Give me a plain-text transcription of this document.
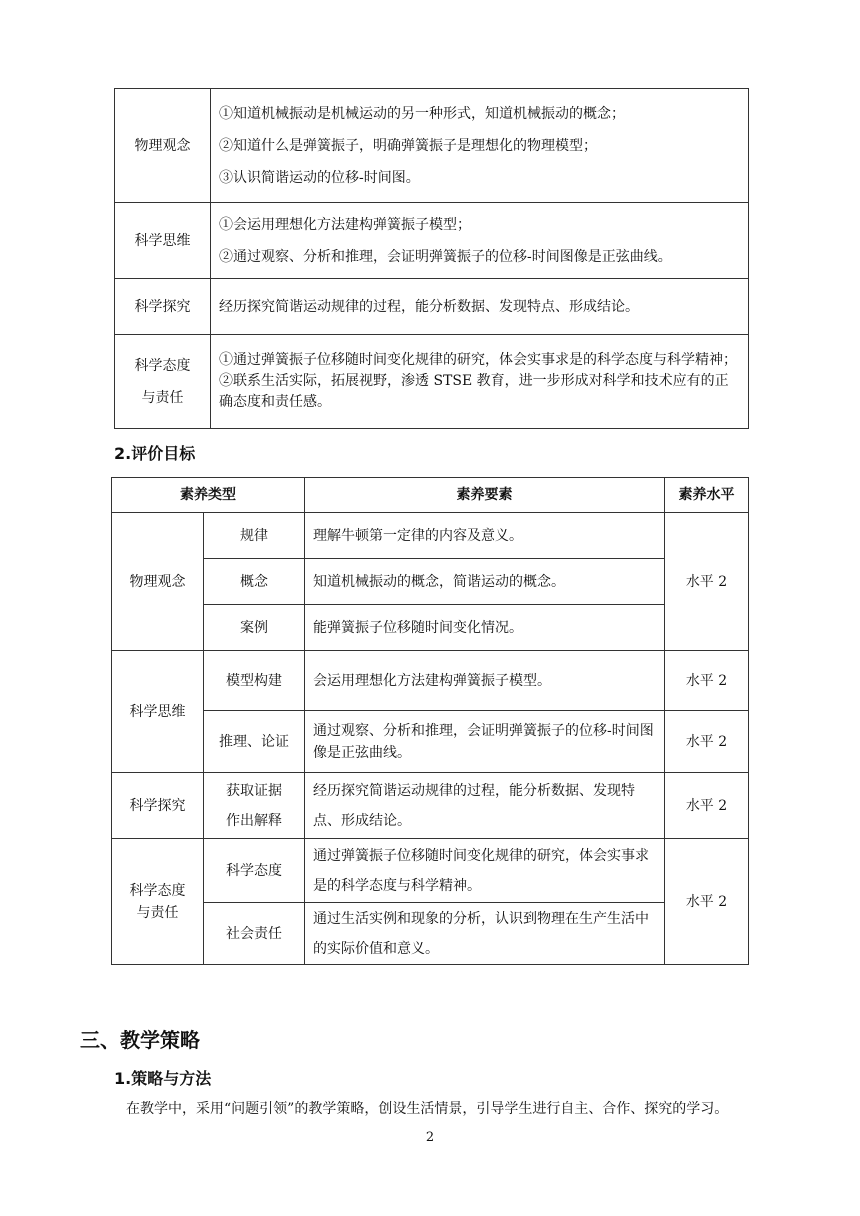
物理观念	①知道机械振动是机械运动的另一种形式，知道机械振动的概念；
②知道什么是弹簧振子，明确弹簧振子是理想化的物理模型；
③认识简谐运动的位移-时间图。

科学思维	①会运用理想化方法建构弹簧振子模型；
②通过观察、分析和推理，会证明弹簧振子的位移-时间图像是正弦曲线。

科学探究	经历探究简谐运动规律的过程，能分析数据、发现特点、形成结论。

科学态度
与责任	①通过弹簧振子位移随时间变化规律的研究，体会实事求是的科学态度与科学精神；
②联系生活实际，拓展视野，渗透 STSE 教育，进一步形成对科学和技术应有的正确态度和责任感。
2.评价目标
素养类型		素养要素	素养水平
物理观念	规律	理解牛顿第一定律的内容及意义。	水平 2
	概念	知道机械振动的概念，简谐运动的概念。	
	案例	能弹簧振子位移随时间变化情况。	
科学思维	模型构建	会运用理想化方法建构弹簧振子模型。	水平 2
	推理、论证	通过观察、分析和推理，会证明弹簧振子的位移-时间图像是正弦曲线。	水平 2
科学探究	获取证据
作出解释	经历探究简谐运动规律的过程，能分析数据、发现特点、形成结论。	水平 2

科学态度
与责任	科学态度	通过弹簧振子位移随时间变化规律的研究，体会实事求是的科学态度与科学精神。	水平 2
	社会责任	通过生活实例和现象的分析，认识到物理在生产生活中的实际价值和意义。	
三、教学策略
1.策略与方法
在教学中，采用“问题引领”的教学策略，创设生活情景，引导学生进行自主、合作、探究的学习。
2
